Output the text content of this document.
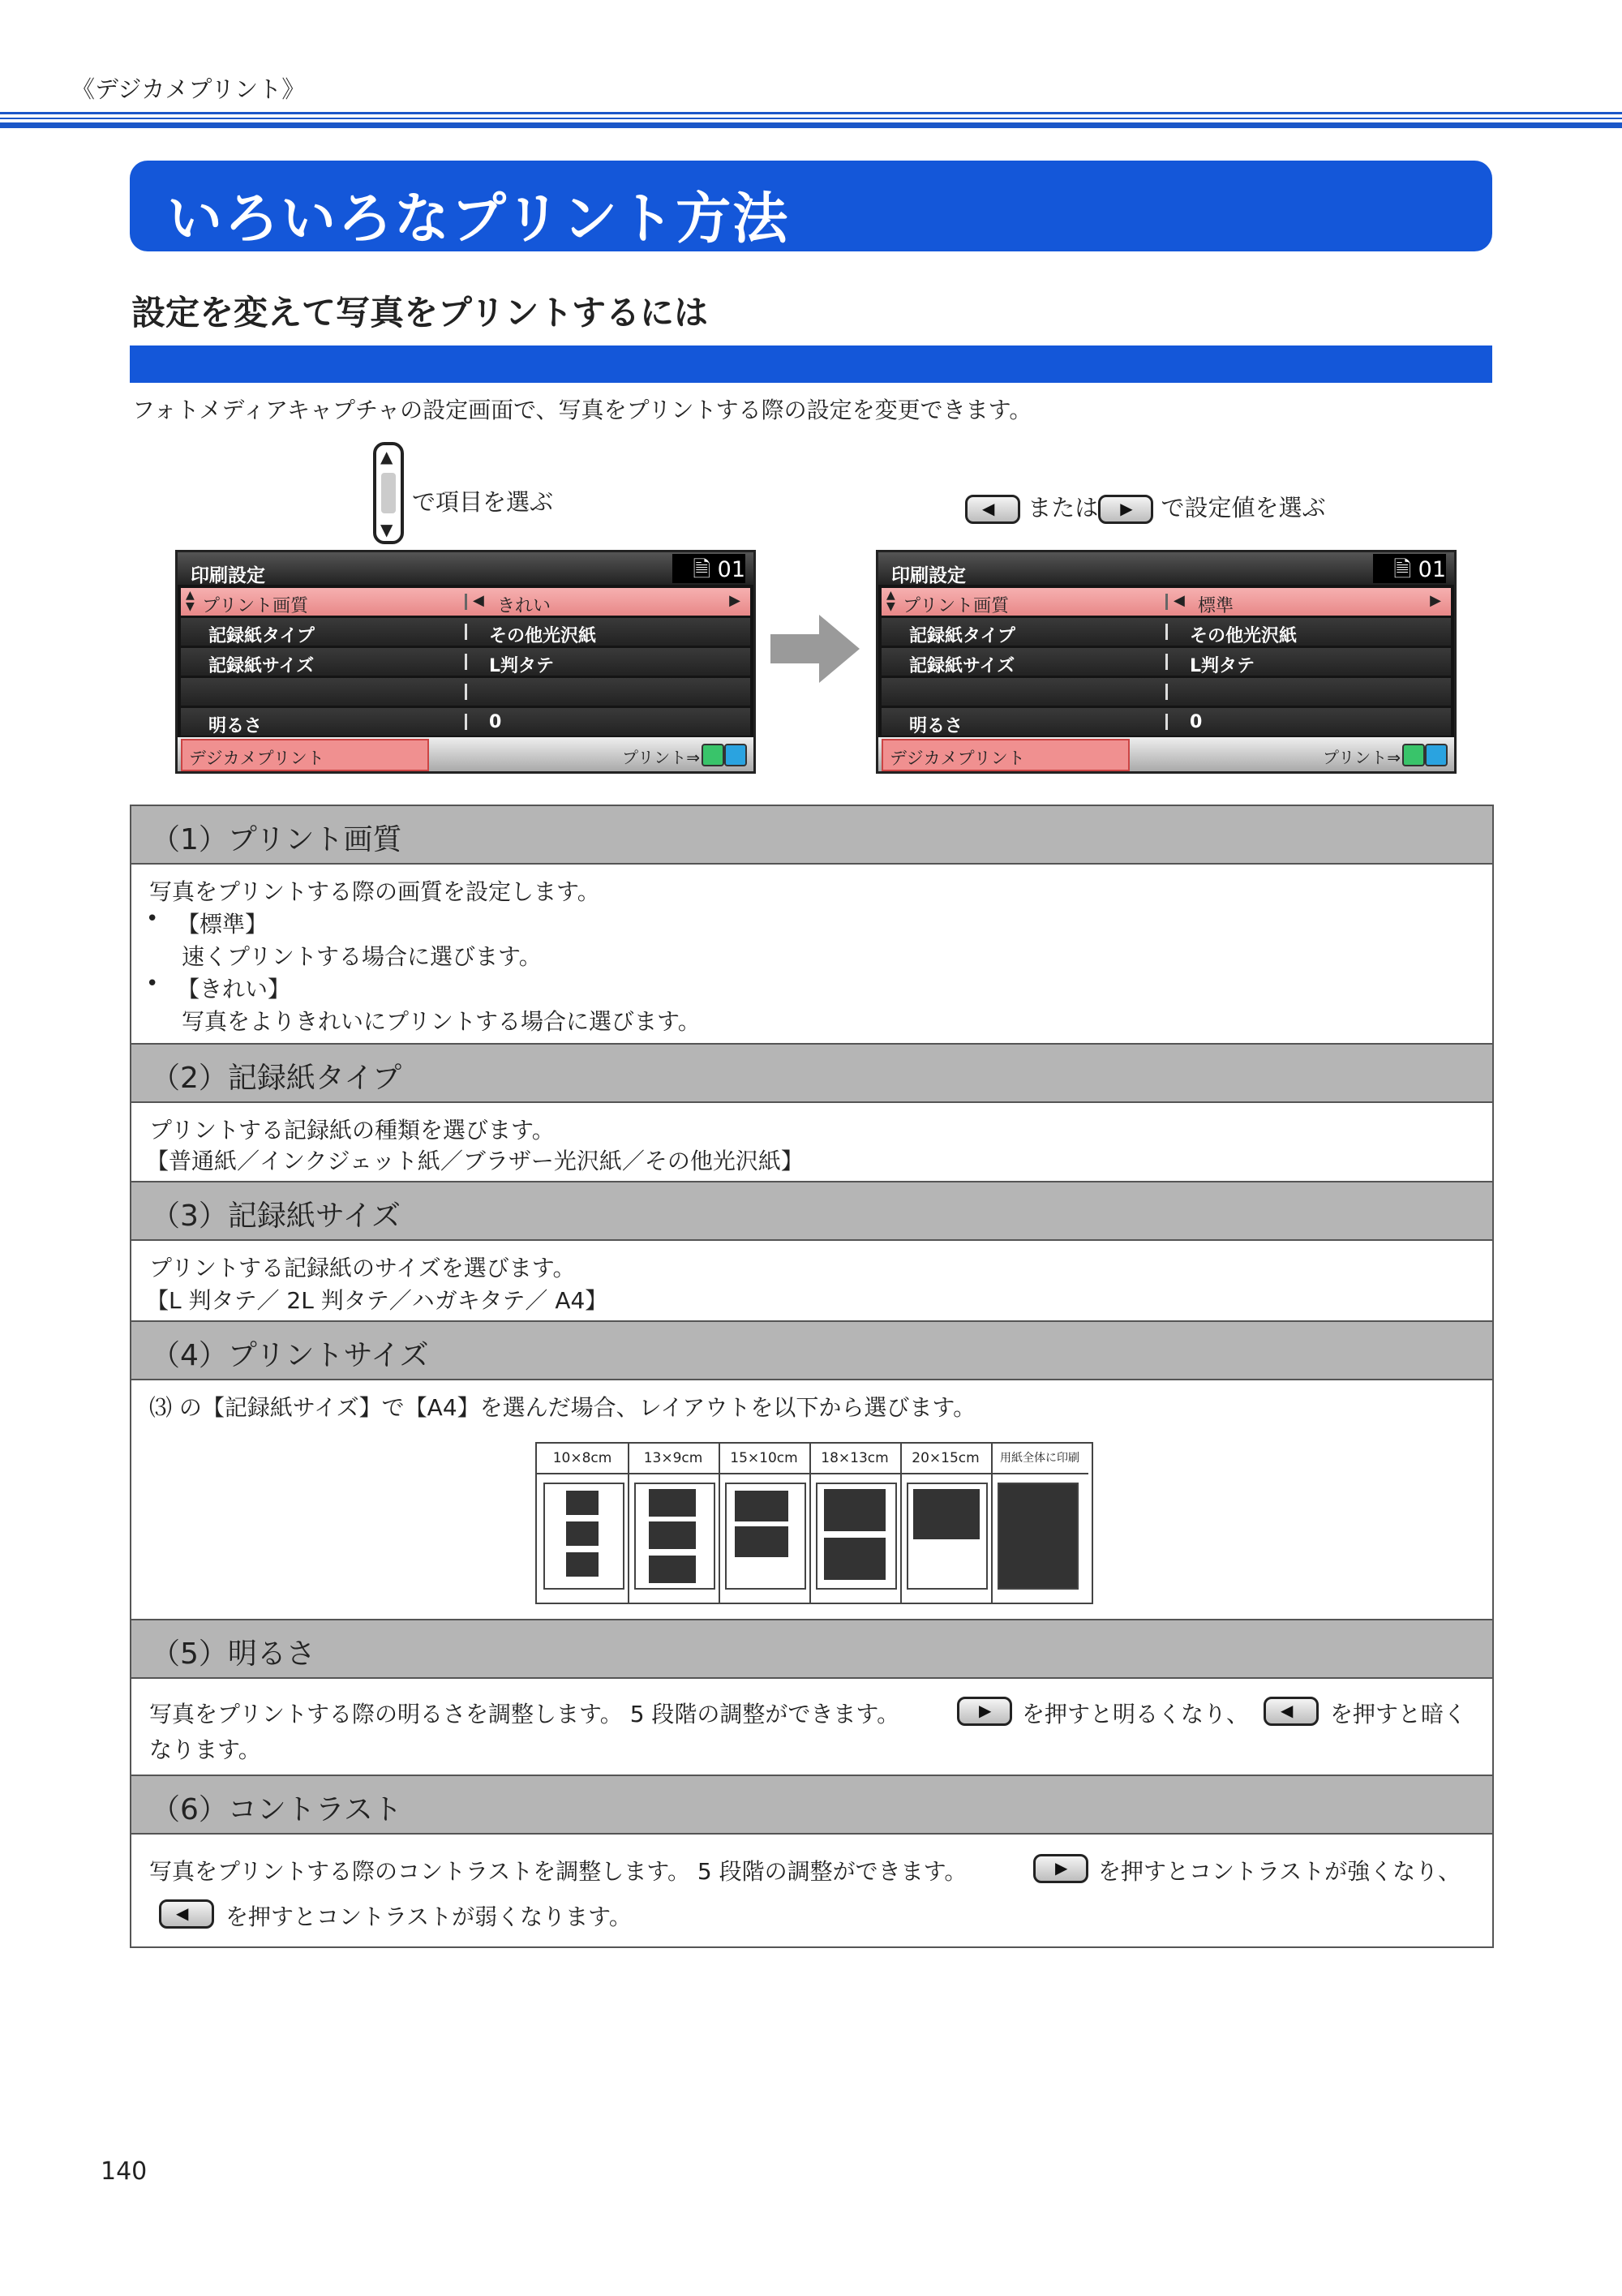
《デジカメプリント》
いろいろなプリント方法
設定を変えて写真をプリントするには
フォトメディアキャプチャの設定画面で、写真をプリントする際の設定を変更できます。
▲
▼
で項目を選ぶ	◀ または ▶ で設定値を選ぶ
印刷設定	🗎 01
▲
▼ プリント画質	◀ きれい	▶
記録紙タイプ	その他光沢紙
記録紙サイズ	L判タテ
明るさ	0
デジカメプリント	プリント⇒
印刷設定	🗎 01
▲
▼ プリント画質	◀ 標準	▶
記録紙タイプ	その他光沢紙
記録紙サイズ	L判タテ
明るさ	0
デジカメプリント	プリント⇒
（1）プリント画質
写真をプリントする際の画質を設定します。
• 【標準】
速くプリントする場合に選びます。
• 【きれい】
写真をよりきれいにプリントする場合に選びます。
（2）記録紙タイプ
プリントする記録紙の種類を選びます。
【普通紙／インクジェット紙／ブラザー光沢紙／その他光沢紙】
（3）記録紙サイズ
プリントする記録紙のサイズを選びます。
【L 判タテ／ 2L 判タテ／ハガキタテ／ A4】
（4）プリントサイズ
⑶ の【記録紙サイズ】で【A4】を選んだ場合、レイアウトを以下から選びます。
10×8cm	13×9cm	15×10cm	18×13cm	20×15cm	用紙全体に印刷
（5）明るさ
写真をプリントする際の明るさを調整します。 5 段階の調整ができます。	▶ を押すと明るくなり、 ◀ を押すと暗く
なります。
（6）コントラスト
写真をプリントする際のコントラストを調整します。 5 段階の調整ができます。	▶ を押すとコントラストが強くなり、
◀ を押すとコントラストが弱くなります。
140
